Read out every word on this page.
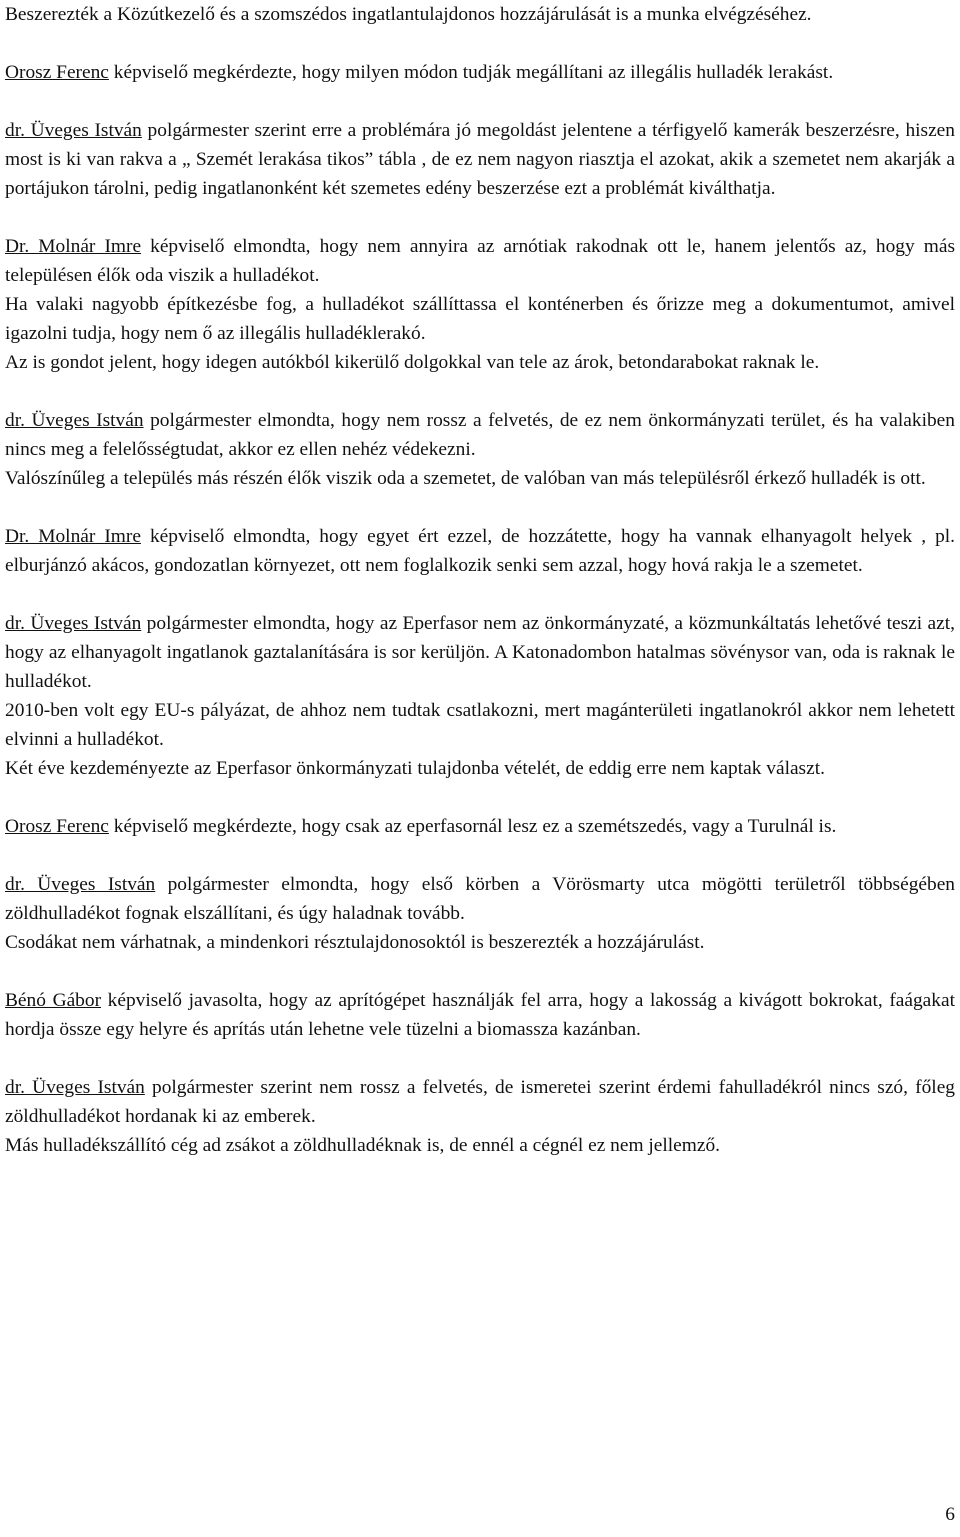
Beszerezték a Közútkezelő és a szomszédos ingatlantulajdonos hozzájárulását is a munka elvégzéséhez.

Orosz Ferenc képviselő megkérdezte, hogy milyen módon tudják megállítani az illegális hulladék lerakást.

dr. Üveges István polgármester szerint erre a problémára jó megoldást jelentene a térfigyelő kamerák beszerzésre, hiszen most is ki van rakva a „ Szemét lerakása tikos” tábla , de ez nem nagyon riasztja el azokat, akik a szemetet nem akarják a portájukon tárolni, pedig ingatlanonként két szemetes edény beszerzése ezt a problémát kiválthatja.

Dr. Molnár Imre képviselő elmondta, hogy nem annyira az arnótiak rakodnak ott le, hanem jelentős az, hogy más településen élők oda viszik a hulladékot.

Ha valaki nagyobb építkezésbe fog, a hulladékot szállíttassa el konténerben és őrizze meg a dokumentumot, amivel igazolni tudja, hogy nem ő az illegális hulladéklerakó.

Az is gondot jelent, hogy idegen autókból kikerülő dolgokkal van tele az árok, betondarabokat raknak le.

dr. Üveges István polgármester elmondta, hogy nem rossz a felvetés, de ez nem önkormányzati terület, és ha valakiben nincs meg a felelősségtudat, akkor ez ellen nehéz védekezni.

Valószínűleg a település más részén élők viszik oda a szemetet, de valóban van más településről érkező hulladék is ott.

Dr. Molnár Imre képviselő elmondta, hogy egyet ért ezzel, de hozzátette, hogy ha vannak elhanyagolt helyek , pl. elburjánzó akácos, gondozatlan környezet, ott nem foglalkozik senki sem azzal, hogy hová rakja le a szemetet.

dr. Üveges István polgármester elmondta, hogy az Eperfasor nem az önkormányzaté, a közmunkáltatás lehetővé teszi azt, hogy az elhanyagolt ingatlanok gaztalanítására is sor kerüljön. A Katonadombon hatalmas sövénysor van, oda is raknak le hulladékot.

2010-ben volt egy EU-s pályázat, de ahhoz nem tudtak csatlakozni, mert magánterületi ingatlanokról akkor nem lehetett elvinni a hulladékot.

Két éve kezdeményezte az Eperfasor önkormányzati tulajdonba vételét, de eddig erre nem kaptak választ.

Orosz Ferenc képviselő megkérdezte, hogy csak az eperfasornál lesz ez a szemétszedés, vagy a Turulnál is.

dr. Üveges István polgármester elmondta, hogy első körben a Vörösmarty utca mögötti területről többségében zöldhulladékot fognak elszállítani, és úgy haladnak tovább.

Csodákat nem várhatnak, a mindenkori résztulajdonosoktól is beszerezték a hozzájárulást.

Bénó Gábor képviselő javasolta, hogy az aprítógépet használják fel arra, hogy a lakosság a kivágott bokrokat, faágakat hordja össze egy helyre és aprítás után lehetne vele tüzelni a biomassza kazánban.

dr. Üveges István polgármester szerint nem rossz a felvetés, de ismeretei szerint érdemi fahulladékról nincs szó, főleg zöldhulladékot hordanak ki az emberek.

Más hulladékszállító cég ad zsákot a zöldhulladéknak is, de ennél a cégnél ez nem jellemző.

6
